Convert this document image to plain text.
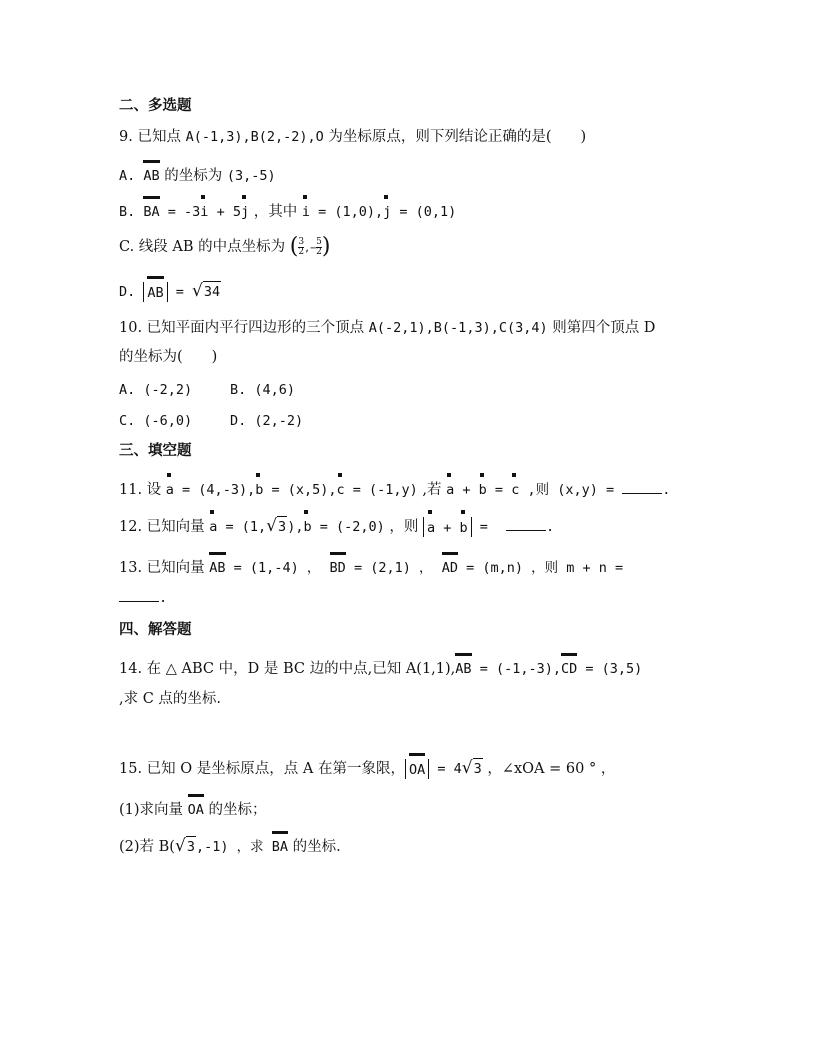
二、多选题
9. 已知点 A(-1,3),B(2,-2),O 为坐标原点，则下列结论正确的是(　　)
A. AB 的坐标为 (3,-5)
B. BA = -3i + 5j ，其中 i = (1,0),j = (0,1)
C. 线段 AB 的中点坐标为 ( $\frac{3}{2}$ ,− $\frac{5}{2}$ )
D. AB = √34
10. 已知平面内平行四边形的三个顶点 A(-2,1),B(-1,3),C(3,4) 则第四个顶点 D
的坐标为(　　)
A. (-2,2)	B. (4,6)
C. (-6,0)	D. (2,-2)
三、填空题
11. 设 a = (4,-3),b = (x,5),c = (-1,y) ,若 a + b = c ,则 (x,y) =	.
12. 已知向量 a = (1,√3),b = (-2,0) ，则 a + b =	.
13. 已知向量 AB = (1,-4) ， BD = (2,1) ， AD = (m,n) ，则 m + n =
.
四、解答题
14. 在 △ ABC 中，D 是 BC 边的中点,已知 A(1,1),AB = (-1,-3),CD = (3,5)
,求 C 点的坐标.
15. 已知 O 是坐标原点，点 A 在第一象限， OA = 4√3 ，∠xOA = 60 ° ，
(1)求向量 OA 的坐标；
(2)若 B(√3,-1) ，求 BA 的坐标.
